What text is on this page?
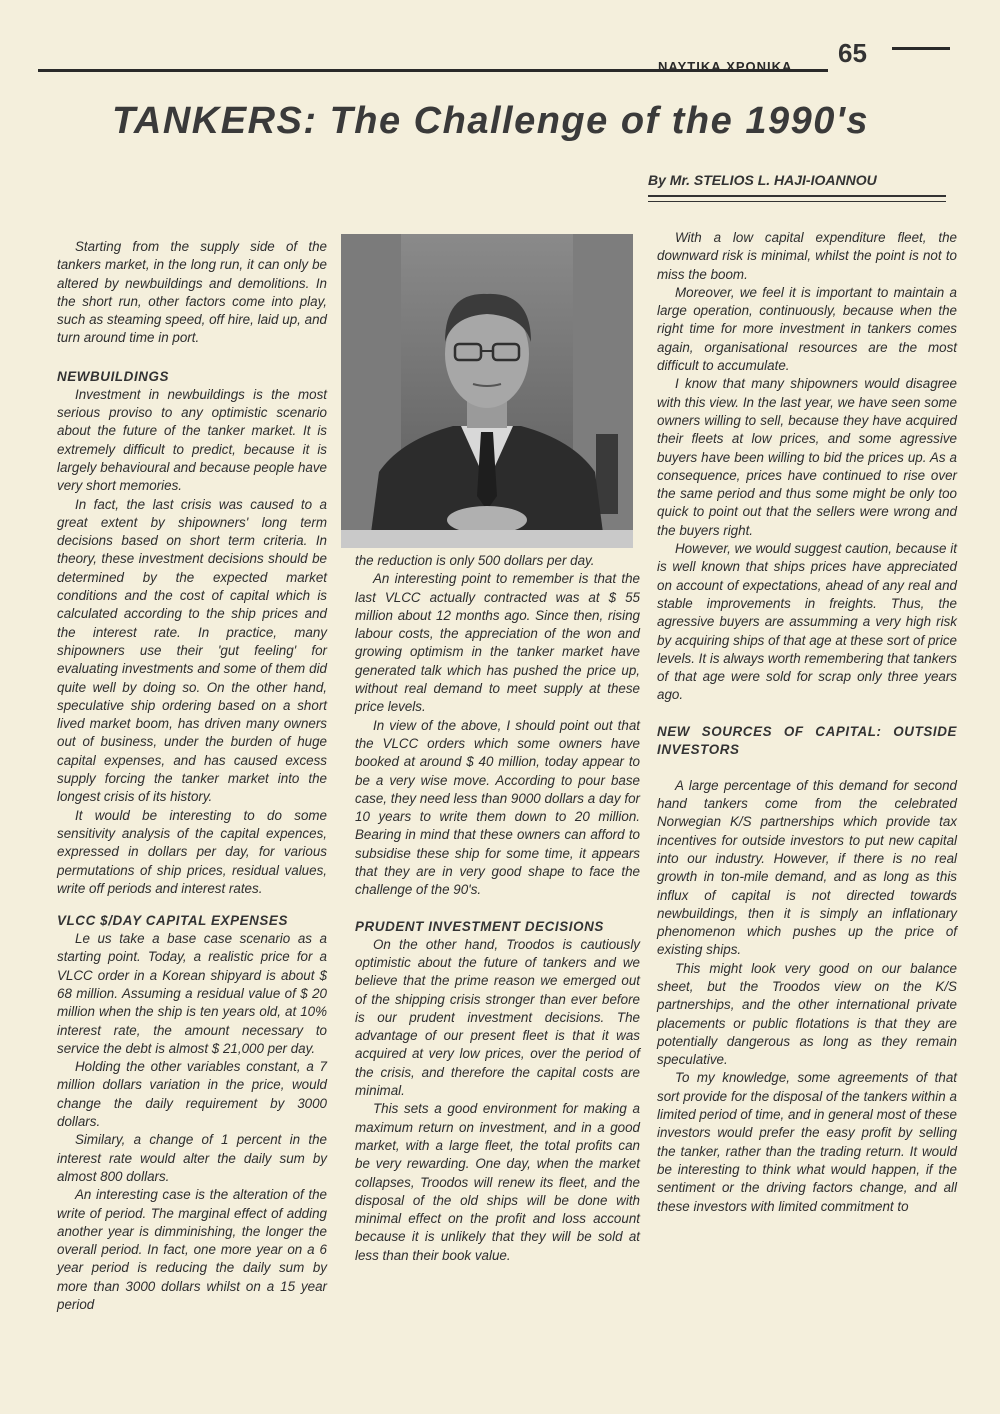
ΝΑΥΤΙΚΑ ΧΡΟΝΙΚΑ 65
TANKERS: The Challenge of the 1990's
By Mr. STELIOS L. HAJI-IOANNOU

Starting from the supply side of the tankers market, in the long run, it can only be altered by newbuildings and demolitions. In the short run, other factors come into play, such as steaming speed, off hire, laid up, and turn around time in port.

NEWBUILDINGS

Investment in newbuildings is the most serious proviso to any optimistic scenario about the future of the tanker market. It is extremely difficult to predict, because it is largely behavioural and because people have very short memories.

In fact, the last crisis was caused to a great extent by shipowners' long term decisions based on short term criteria. In theory, these investment decisions should be determined by the expected market conditions and the cost of capital which is calculated according to the ship prices and the interest rate. In practice, many shipowners use their 'gut feeling' for evaluating investments and some of them did quite well by doing so. On the other hand, speculative ship ordering based on a short lived market boom, has driven many owners out of business, under the burden of huge capital expenses, and has caused excess supply forcing the tanker market into the longest crisis of its history.

It would be interesting to do some sensitivity analysis of the capital expences, expressed in dollars per day, for various permutations of ship prices, residual values, write off periods and interest rates.

VLCC $/DAY CAPITAL EXPENSES

Le us take a base case scenario as a starting point. Today, a realistic price for a VLCC order in a Korean shipyard is about $ 68 million. Assuming a residual value of $ 20 million when the ship is ten years old, at 10% interest rate, the amount necessary to service the debt is almost $ 21,000 per day.

Holding the other variables constant, a 7 million dollars variation in the price, would change the daily requirement by 3000 dollars.

Similary, a change of 1 percent in the interest rate would alter the daily sum by almost 800 dollars.

An interesting case is the alteration of the write of period. The marginal effect of adding another year is dimminishing, the longer the overall period. In fact, one more year on a 6 year period is reducing the daily sum by more than 3000 dollars whilst on a 15 year period

the reduction is only 500 dollars per day.

An interesting point to remember is that the last VLCC actually contracted was at $ 55 million about 12 months ago. Since then, rising labour costs, the appreciation of the won and growing optimism in the tanker market have generated talk which has pushed the price up, without real demand to meet supply at these price levels.

In view of the above, I should point out that the VLCC orders which some owners have booked at around $ 40 million, today appear to be a very wise move. According to pour base case, they need less than 9000 dollars a day for 10 years to write them down to 20 million. Bearing in mind that these owners can afford to subsidise these ship for some time, it appears that they are in very good shape to face the challenge of the 90's.

PRUDENT INVESTMENT DECISIONS

On the other hand, Troodos is cautiously optimistic about the future of tankers and we believe that the prime reason we emerged out of the shipping crisis stronger than ever before is our prudent investment decisions. The advantage of our present fleet is that it was acquired at very low prices, over the period of the crisis, and therefore the capital costs are minimal.

This sets a good environment for making a maximum return on investment, and in a good market, with a large fleet, the total profits can be very rewarding. One day, when the market collapses, Troodos will renew its fleet, and the disposal of the old ships will be done with minimal effect on the profit and loss account because it is unlikely that they will be sold at less than their book value.

With a low capital expenditure fleet, the downward risk is minimal, whilst the point is not to miss the boom.

Moreover, we feel it is important to maintain a large operation, continuously, because when the right time for more investment in tankers comes again, organisational resources are the most difficult to accumulate.

I know that many shipowners would disagree with this view. In the last year, we have seen some owners willing to sell, because they have acquired their fleets at low prices, and some agressive buyers have been willing to bid the prices up. As a consequence, prices have continued to rise over the same period and thus some might be only too quick to point out that the sellers were wrong and the buyers right.

However, we would suggest caution, because it is well known that ships prices have appreciated on account of expectations, ahead of any real and stable improvements in freights. Thus, the agressive buyers are assumming a very high risk by acquiring ships of that age at these sort of price levels. It is always worth remembering that tankers of that age were sold for scrap only three years ago.

NEW SOURCES OF CAPITAL: OUTSIDE INVESTORS

A large percentage of this demand for second hand tankers come from the celebrated Norwegian K/S partnerships which provide tax incentives for outside investors to put new capital into our industry. However, if there is no real growth in ton-mile demand, and as long as this influx of capital is not directed towards newbuildings, then it is simply an inflationary phenomenon which pushes up the price of existing ships.

This might look very good on our balance sheet, but the Troodos view on the K/S partnerships, and the other international private placements or public flotations is that they are potentially dangerous as long as they remain speculative.

To my knowledge, some agreements of that sort provide for the disposal of the tankers within a limited period of time, and in general most of these investors would prefer the easy profit by selling the tanker, rather than the trading return. It would be interesting to think what would happen, if the sentiment or the driving factors change, and all these investors with limited commitment to
